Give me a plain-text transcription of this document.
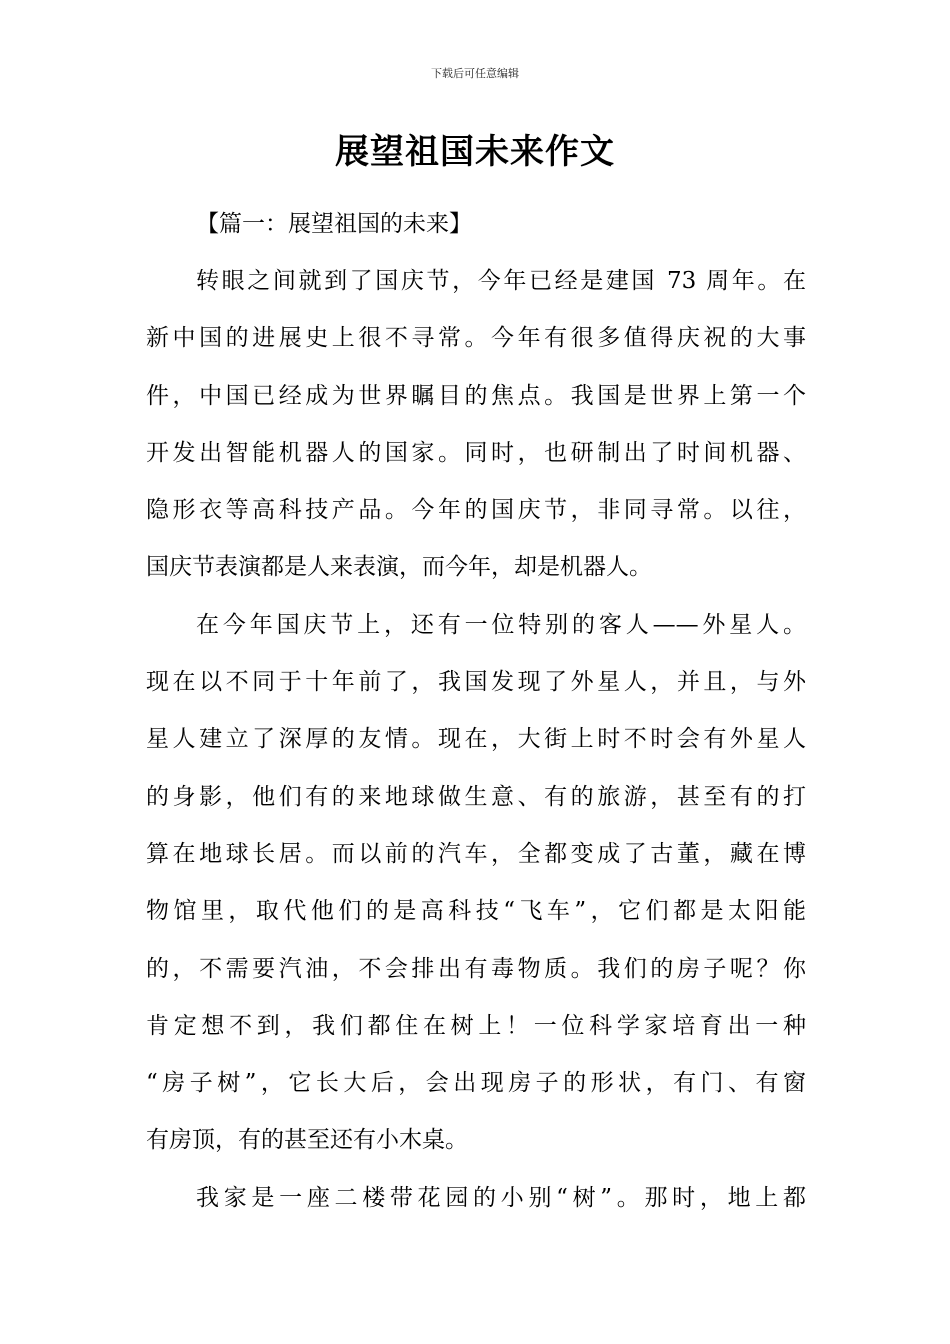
下载后可任意编辑
展望祖国未来作文

【篇一：展望祖国的未来】

转眼之间就到了国庆节，今年已经是建国 73 周年。在
新中国的进展史上很不寻常。今年有很多值得庆祝的大事
件，中国已经成为世界瞩目的焦点。我国是世界上第一个
开发出智能机器人的国家。同时，也研制出了时间机器、
隐形衣等高科技产品。今年的国庆节，非同寻常。以往，
国庆节表演都是人来表演，而今年，却是机器人。

在今年国庆节上，还有一位特别的客人——外星人。
现在以不同于十年前了，我国发现了外星人，并且，与外
星人建立了深厚的友情。现在，大街上时不时会有外星人
的身影，他们有的来地球做生意、有的旅游，甚至有的打
算在地球长居。而以前的汽车，全都变成了古董，藏在博
物馆里，取代他们的是高科技“飞车”，它们都是太阳能
的，不需要汽油，不会排出有毒物质。我们的房子呢？你
肯定想不到，我们都住在树上！一位科学家培育出一种
“房子树”，它长大后，会出现房子的形状，有门、有窗
有房顶，有的甚至还有小木桌。

我家是一座二楼带花园的小别“树”。那时，地上都
